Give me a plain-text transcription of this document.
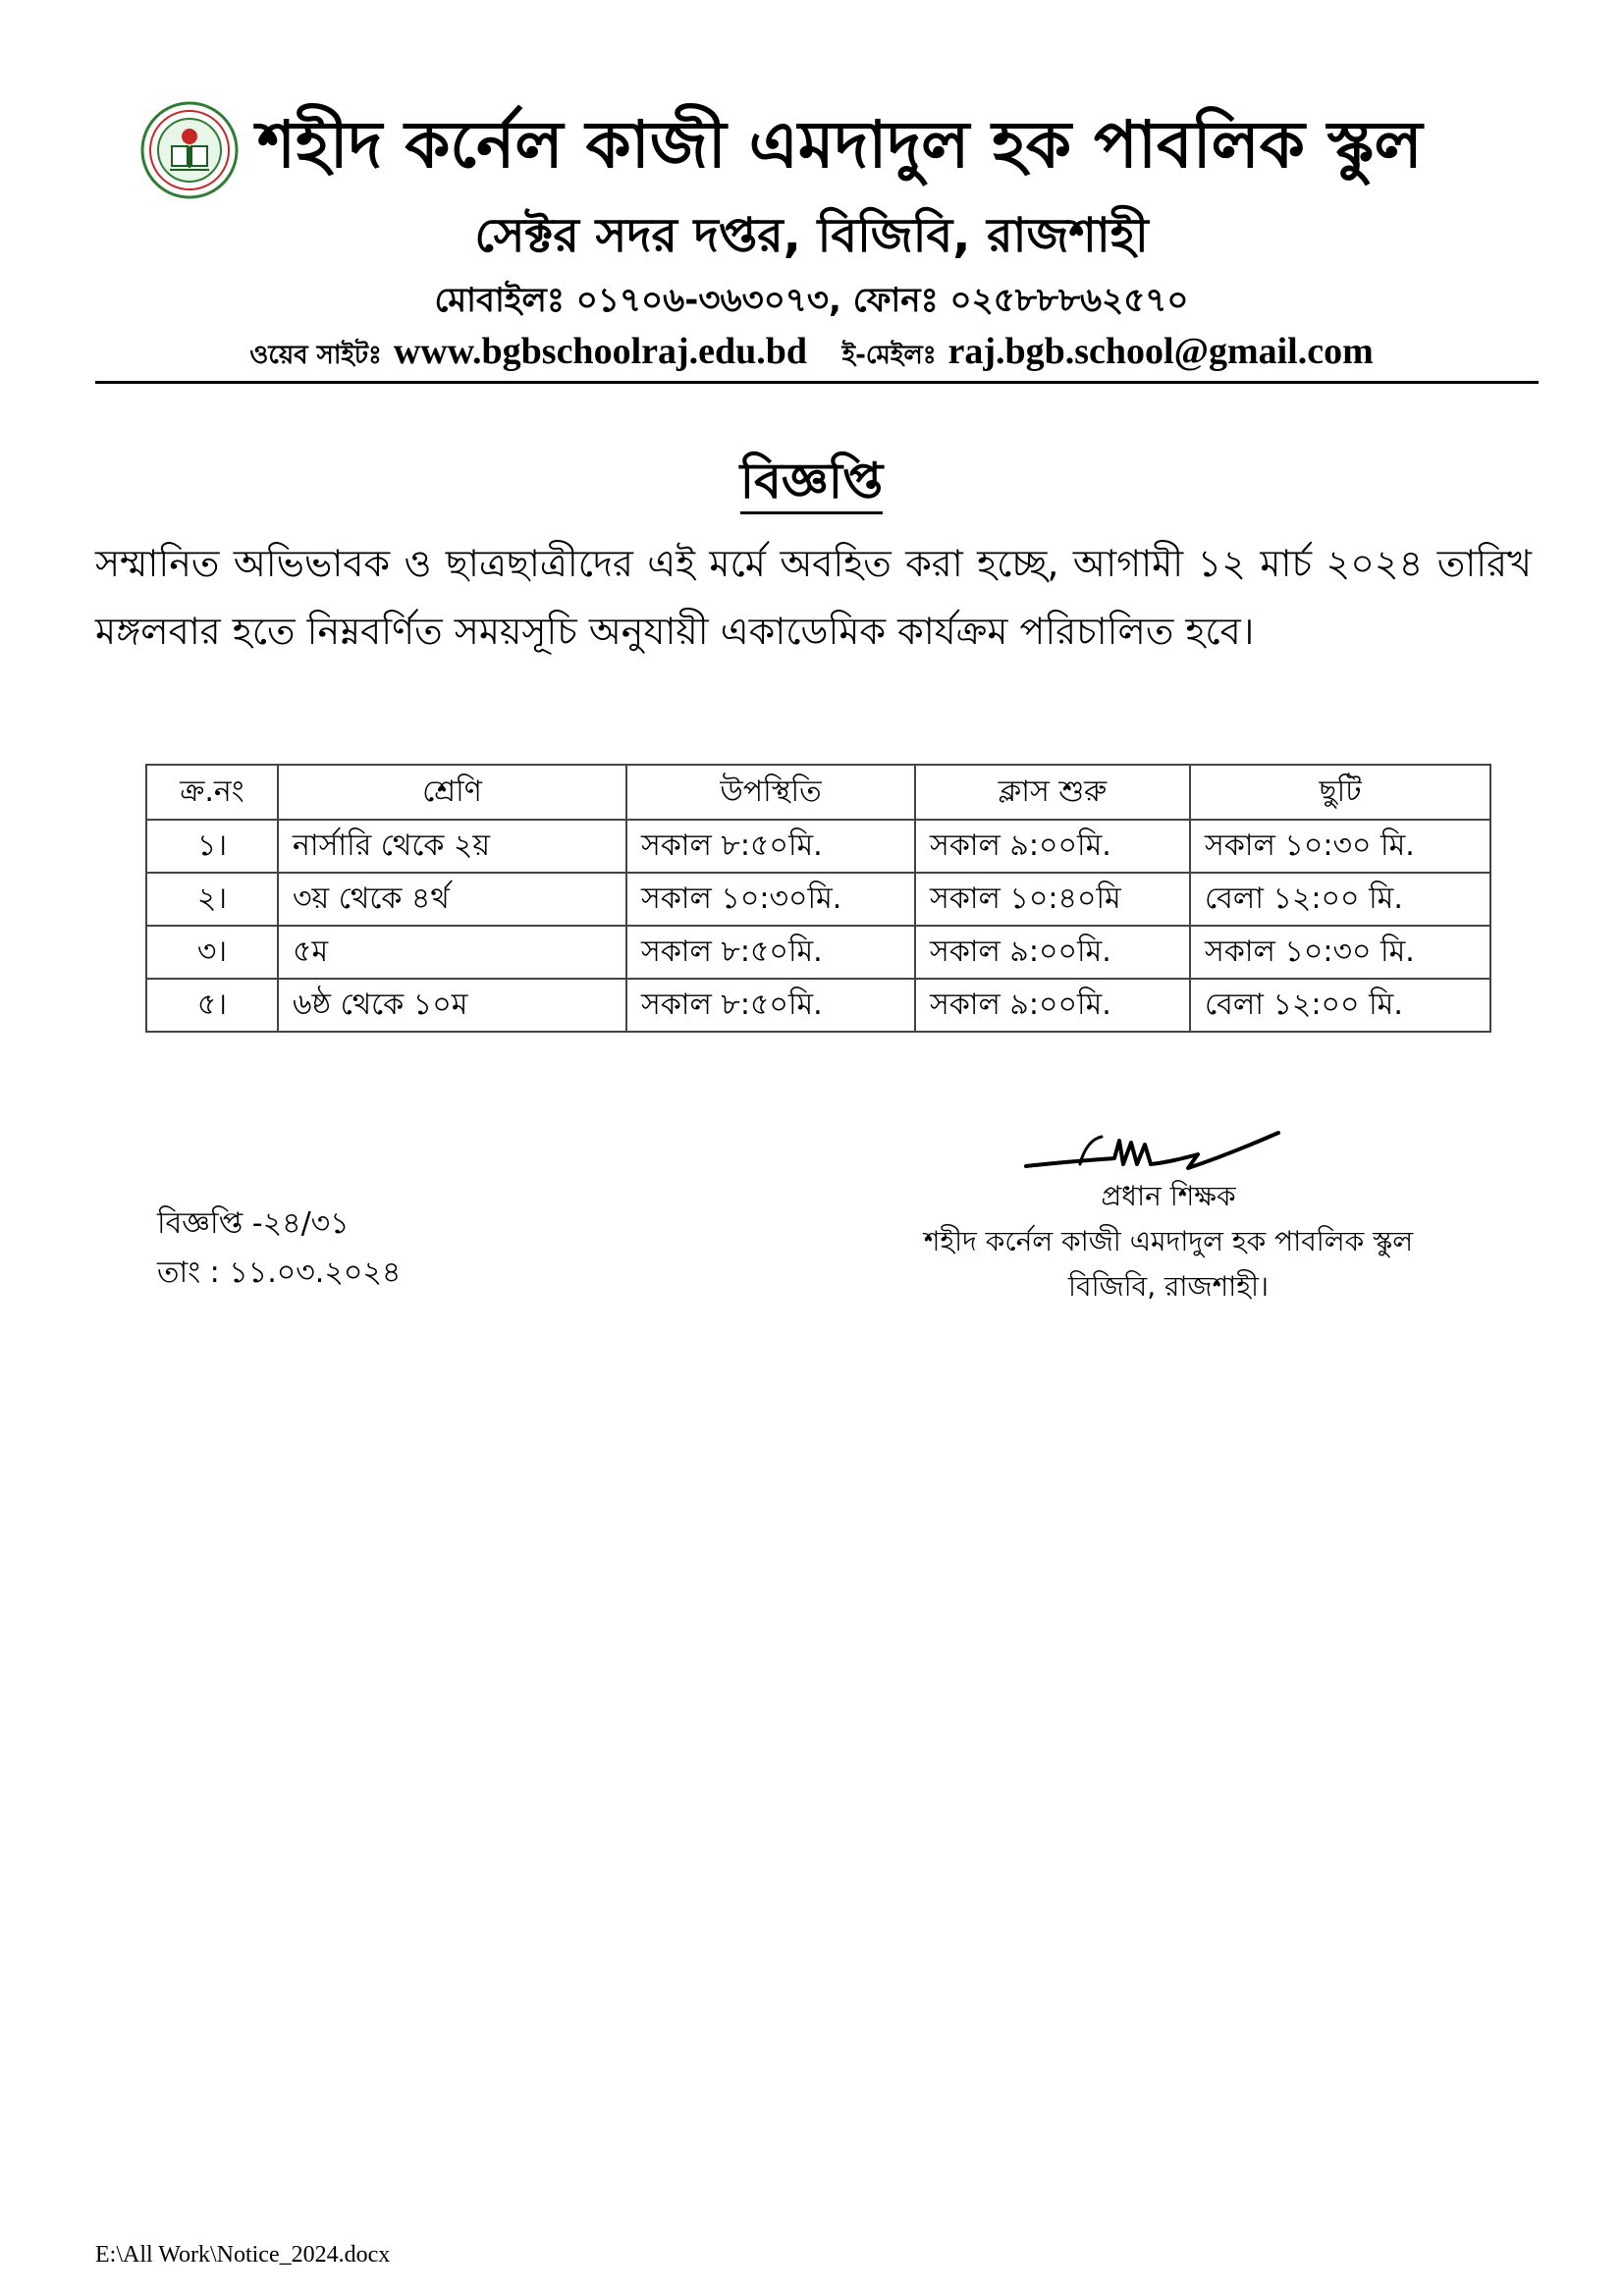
শহীদ কর্নেল কাজী এমদাদুল হক পাবলিক স্কুল
সেক্টর সদর দপ্তর, বিজিবি, রাজশাহী
মোবাইলঃ ০১৭০৬-৩৬৩০৭৩, ফোনঃ ০২৫৮৮৮৬২৫৭০
ওয়েব সাইটঃ www.bgbschoolraj.edu.bd ই-মেইলঃ raj.bgb.school@gmail.com
বিজ্ঞপ্তি
সম্মানিত অভিভাবক ও ছাত্রছাত্রীদের এই মর্মে অবহিত করা হচ্ছে, আগামী ১২ মার্চ ২০২৪ তারিখ মঙ্গলবার হতে নিম্নবর্ণিত সময়সূচি অনুযায়ী একাডেমিক কার্যক্রম পরিচালিত হবে।
ক্র.নং	শ্রেণি	উপস্থিতি	ক্লাস শুরু	ছুটি
১।	নার্সারি থেকে ২য়	সকাল ৮:৫০মি.	সকাল ৯:০০মি.	সকাল ১০:৩০ মি.
২।	৩য় থেকে ৪র্থ	সকাল ১০:৩০মি.	সকাল ১০:৪০মি	বেলা ১২:০০ মি.
৩।	৫ম	সকাল ৮:৫০মি.	সকাল ৯:০০মি.	সকাল ১০:৩০ মি.
৫।	৬ষ্ঠ থেকে ১০ম	সকাল ৮:৫০মি.	সকাল ৯:০০মি.	বেলা ১২:০০ মি.
বিজ্ঞপ্তি -২৪/৩১
তাং : ১১.০৩.২০২৪
প্রধান শিক্ষক
শহীদ কর্নেল কাজী এমদাদুল হক পাবলিক স্কুল
বিজিবি, রাজশাহী।
E:\All Work\Notice_2024.docx
